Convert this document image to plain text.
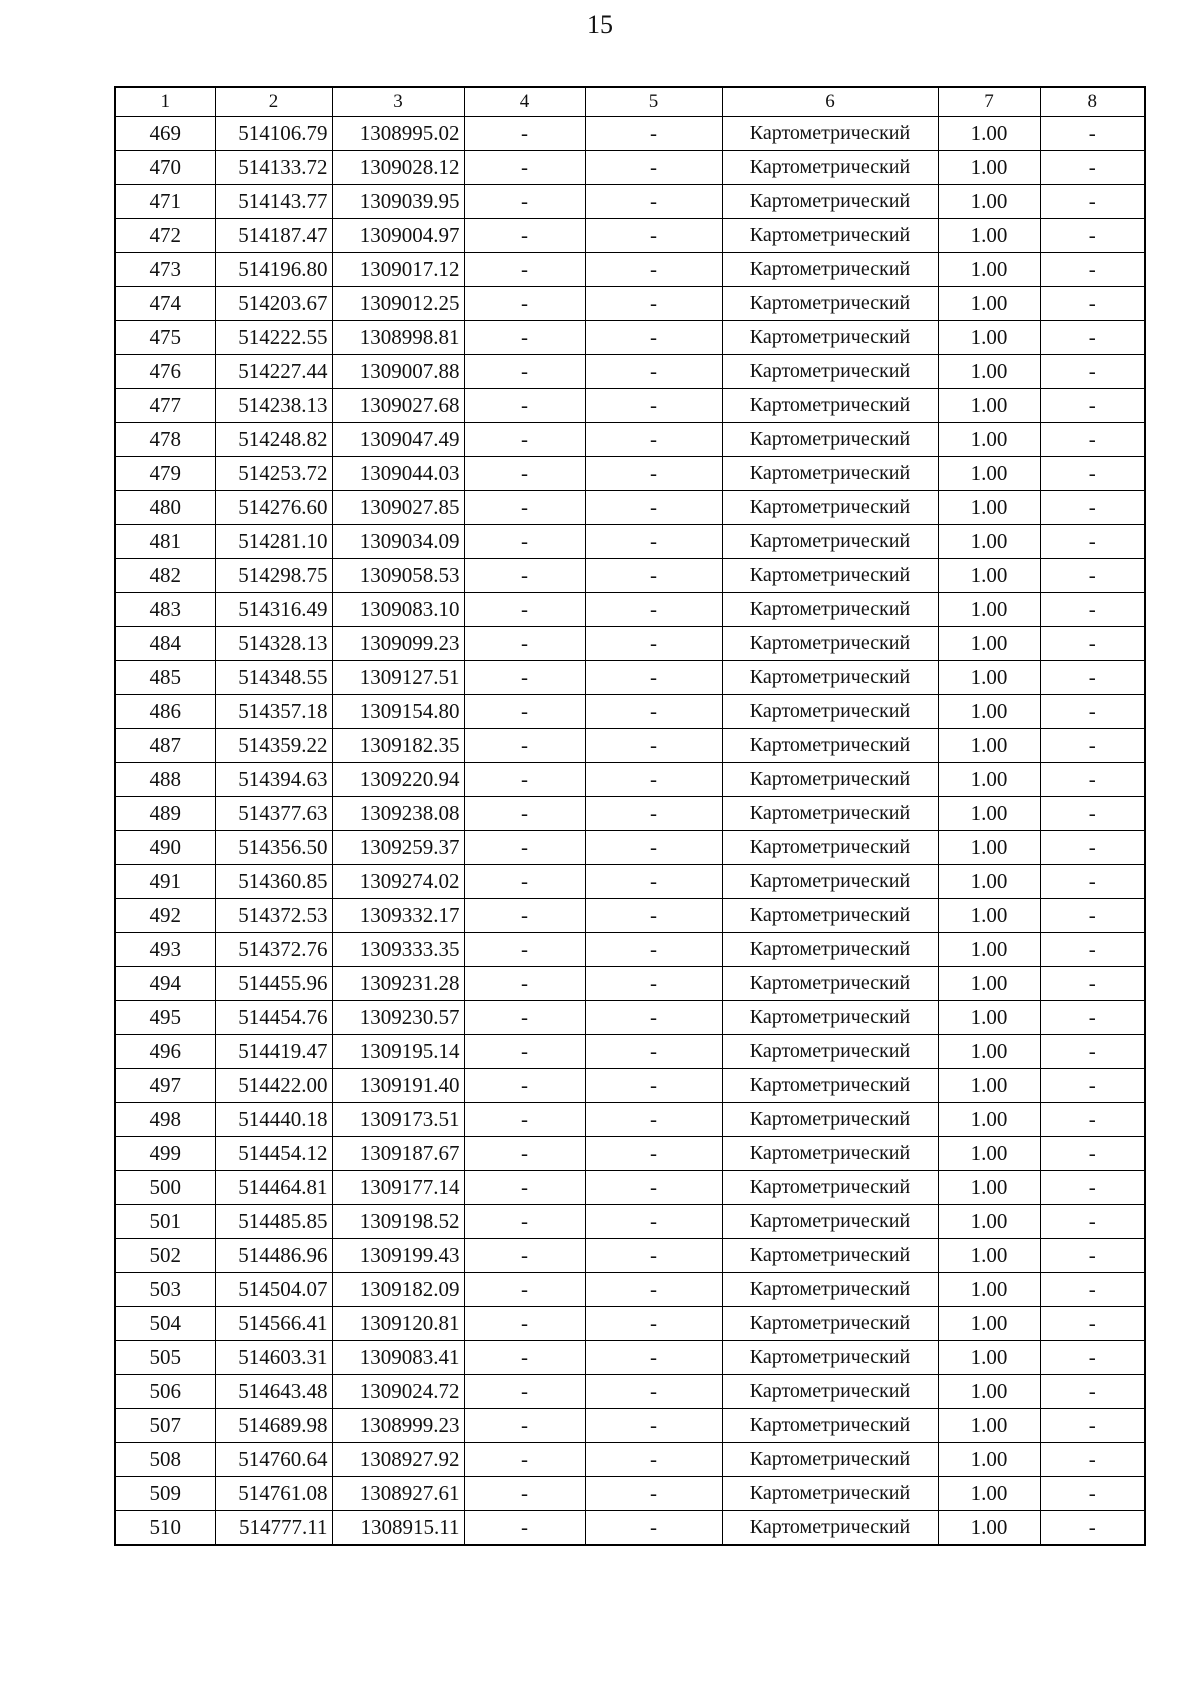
15
1	2	3	4	5	6	7	8
469	514106.79	1308995.02	-	-	Картометрический	1.00	-
470	514133.72	1309028.12	-	-	Картометрический	1.00	-
471	514143.77	1309039.95	-	-	Картометрический	1.00	-
472	514187.47	1309004.97	-	-	Картометрический	1.00	-
473	514196.80	1309017.12	-	-	Картометрический	1.00	-
474	514203.67	1309012.25	-	-	Картометрический	1.00	-
475	514222.55	1308998.81	-	-	Картометрический	1.00	-
476	514227.44	1309007.88	-	-	Картометрический	1.00	-
477	514238.13	1309027.68	-	-	Картометрический	1.00	-
478	514248.82	1309047.49	-	-	Картометрический	1.00	-
479	514253.72	1309044.03	-	-	Картометрический	1.00	-
480	514276.60	1309027.85	-	-	Картометрический	1.00	-
481	514281.10	1309034.09	-	-	Картометрический	1.00	-
482	514298.75	1309058.53	-	-	Картометрический	1.00	-
483	514316.49	1309083.10	-	-	Картометрический	1.00	-
484	514328.13	1309099.23	-	-	Картометрический	1.00	-
485	514348.55	1309127.51	-	-	Картометрический	1.00	-
486	514357.18	1309154.80	-	-	Картометрический	1.00	-
487	514359.22	1309182.35	-	-	Картометрический	1.00	-
488	514394.63	1309220.94	-	-	Картометрический	1.00	-
489	514377.63	1309238.08	-	-	Картометрический	1.00	-
490	514356.50	1309259.37	-	-	Картометрический	1.00	-
491	514360.85	1309274.02	-	-	Картометрический	1.00	-
492	514372.53	1309332.17	-	-	Картометрический	1.00	-
493	514372.76	1309333.35	-	-	Картометрический	1.00	-
494	514455.96	1309231.28	-	-	Картометрический	1.00	-
495	514454.76	1309230.57	-	-	Картометрический	1.00	-
496	514419.47	1309195.14	-	-	Картометрический	1.00	-
497	514422.00	1309191.40	-	-	Картометрический	1.00	-
498	514440.18	1309173.51	-	-	Картометрический	1.00	-
499	514454.12	1309187.67	-	-	Картометрический	1.00	-
500	514464.81	1309177.14	-	-	Картометрический	1.00	-
501	514485.85	1309198.52	-	-	Картометрический	1.00	-
502	514486.96	1309199.43	-	-	Картометрический	1.00	-
503	514504.07	1309182.09	-	-	Картометрический	1.00	-
504	514566.41	1309120.81	-	-	Картометрический	1.00	-
505	514603.31	1309083.41	-	-	Картометрический	1.00	-
506	514643.48	1309024.72	-	-	Картометрический	1.00	-
507	514689.98	1308999.23	-	-	Картометрический	1.00	-
508	514760.64	1308927.92	-	-	Картометрический	1.00	-
509	514761.08	1308927.61	-	-	Картометрический	1.00	-
510	514777.11	1308915.11	-	-	Картометрический	1.00	-
